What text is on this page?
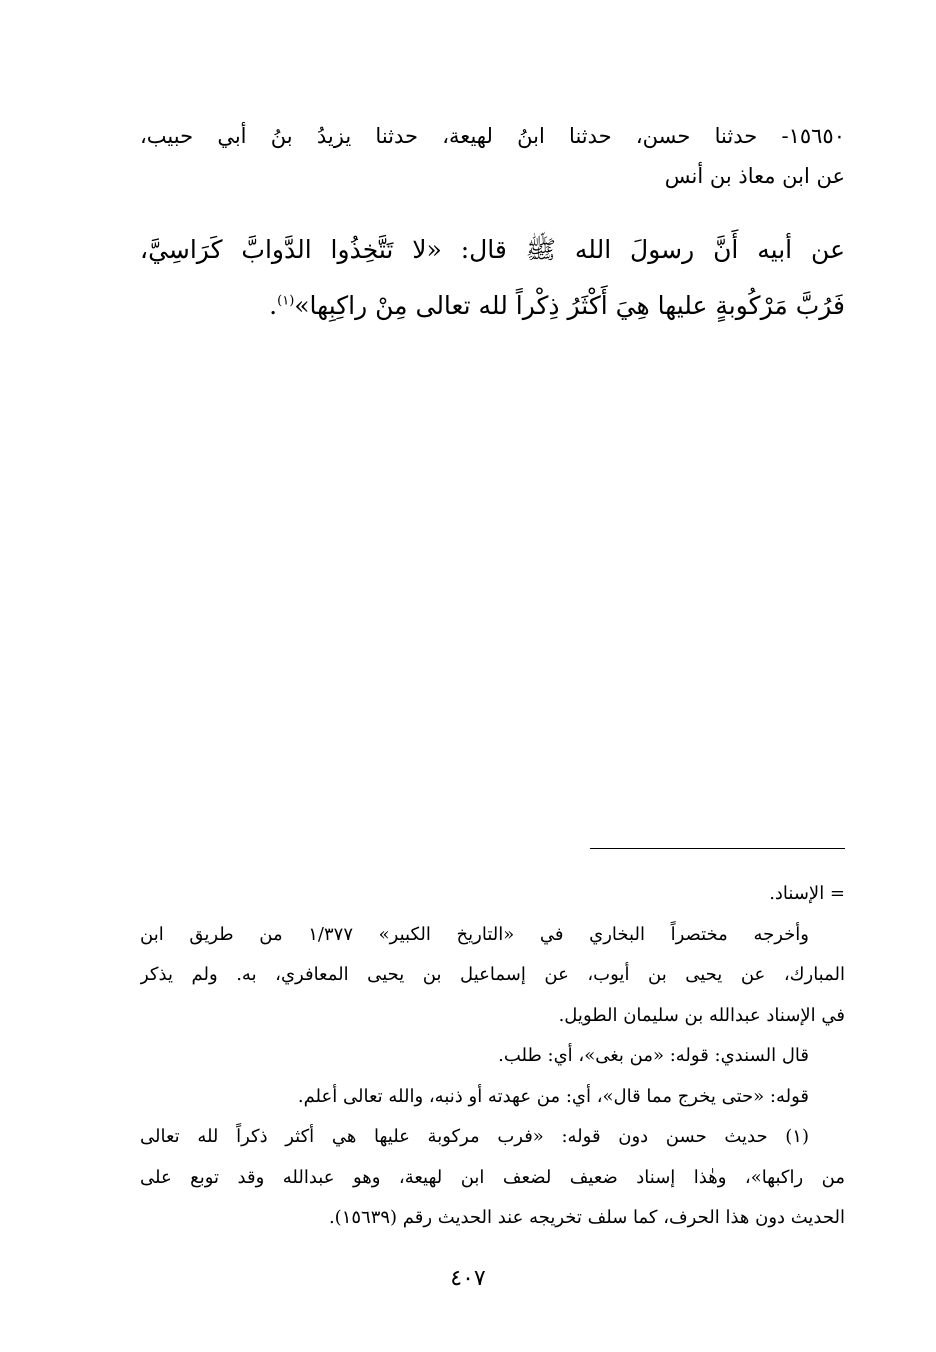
١٥٦٥٠- حدثنا حسن، حدثنا ابنُ لهيعة، حدثنا يزيدُ بنُ أبي حبيب،
عن ابن معاذ بن أنس
عن أبيه أَنَّ رسولَ الله ﷺ قال: «لا تَتَّخِذُوا الدَّوابَّ كَرَاسِيَّ،
فَرُبَّ مَرْكُوبةٍ عليها هِيَ أَكْثَرُ ذِكْراً لله تعالى مِنْ راكِبِها»$^{(١)}$.
= الإسناد.
وأخرجه مختصراً البخاري في «التاريخ الكبير» ١/٣٧٧ من طريق ابن
المبارك، عن يحيى بن أيوب، عن إسماعيل بن يحيى المعافري، به. ولم يذكر
في الإسناد عبدالله بن سليمان الطويل.
قال السندي: قوله: «من بغى»، أي: طلب.
قوله: «حتى يخرج مما قال»، أي: من عهدته أو ذنبه، والله تعالى أعلم.
(١) حديث حسن دون قوله: «فرب مركوبة عليها هي أكثر ذكراً لله تعالى
من راكبها»، وهٰذا إسناد ضعيف لضعف ابن لهيعة، وهو عبدالله وقد توبع على
الحديث دون هذا الحرف، كما سلف تخريجه عند الحديث رقم (١٥٦٣٩).
٤٠٧
